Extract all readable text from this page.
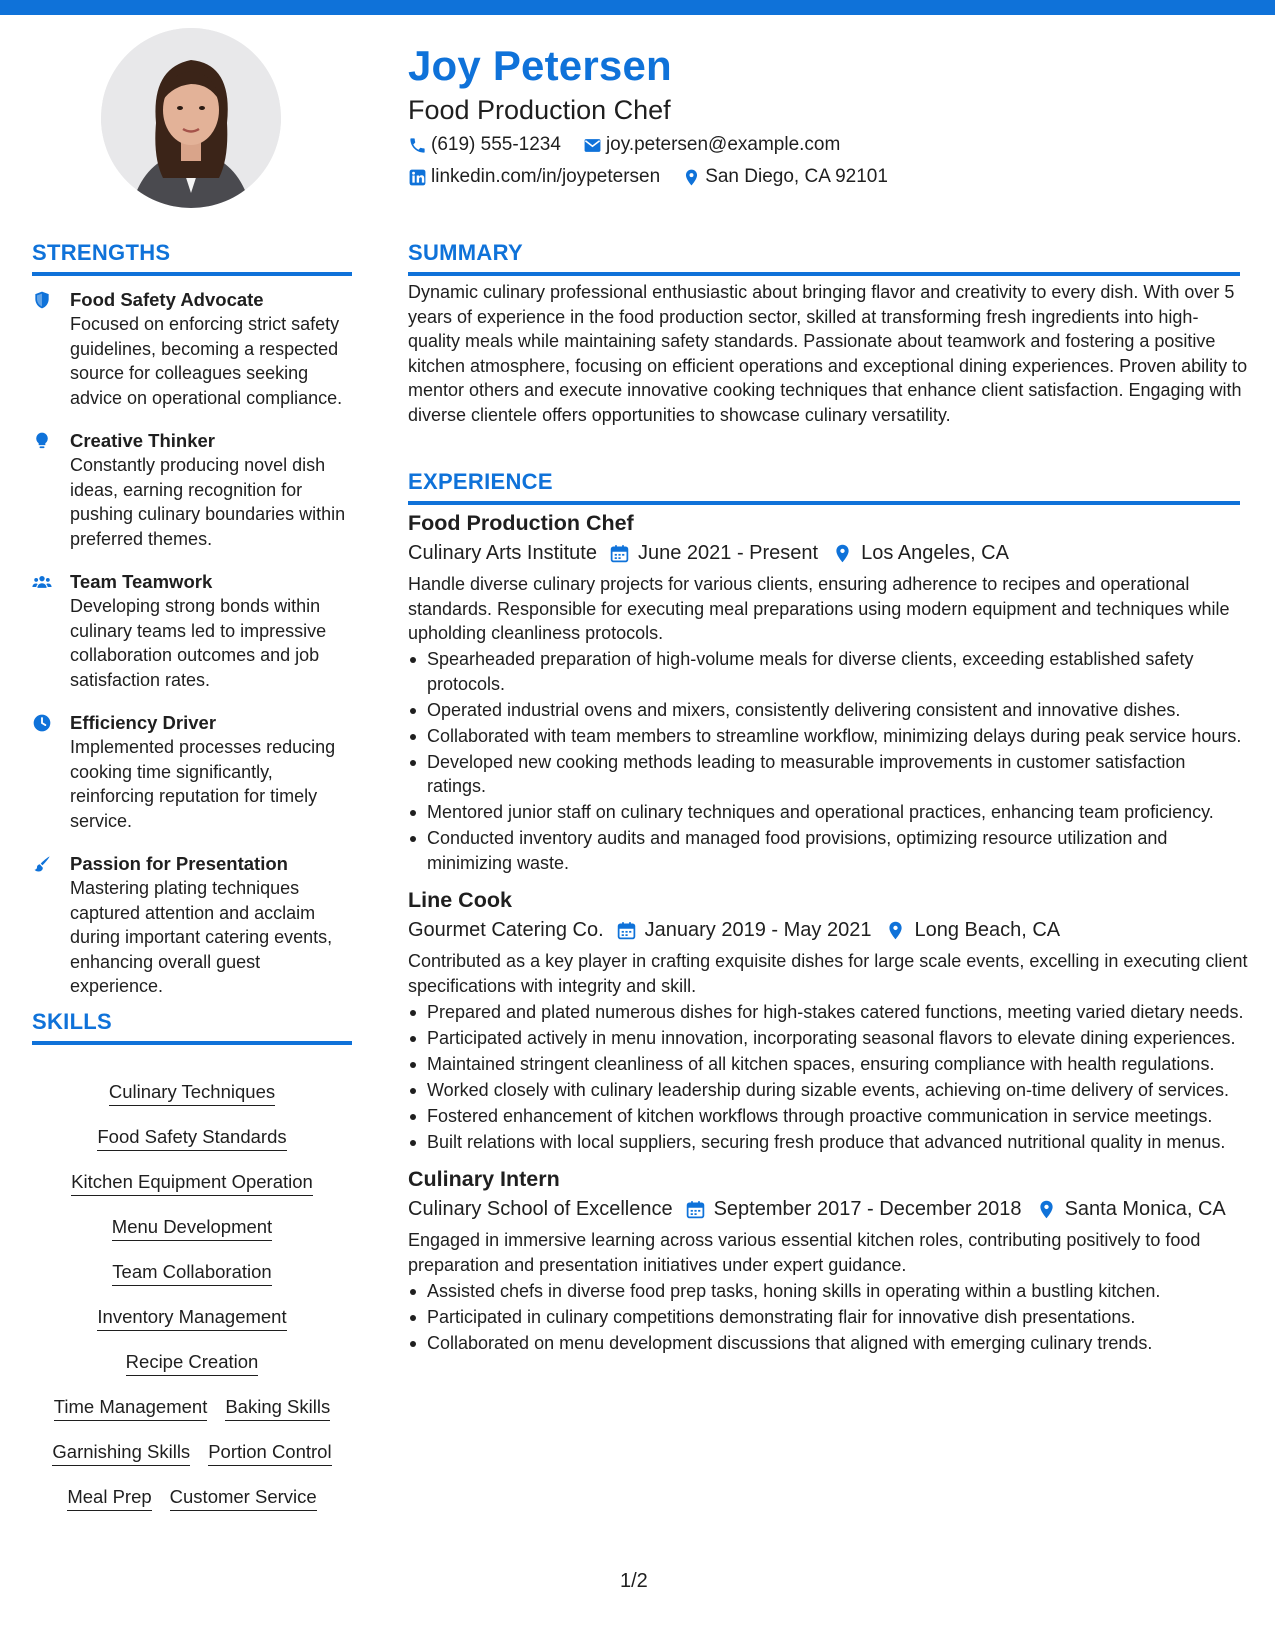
Joy Petersen
Food Production Chef
(619) 555-1234 joy.petersen@example.com
linkedin.com/in/joypetersen San Diego, CA 92101
STRENGTHS
Food Safety Advocate
Focused on enforcing strict safety guidelines, becoming a respected source for colleagues seeking advice on operational compliance.
Creative Thinker
Constantly producing novel dish ideas, earning recognition for pushing culinary boundaries within preferred themes.
Team Teamwork
Developing strong bonds within culinary teams led to impressive collaboration outcomes and job satisfaction rates.
Efficiency Driver
Implemented processes reducing cooking time significantly, reinforcing reputation for timely service.
Passion for Presentation
Mastering plating techniques captured attention and acclaim during important catering events, enhancing overall guest experience.
SKILLS
Culinary Techniques
Food Safety Standards
Kitchen Equipment Operation
Menu Development
Team Collaboration
Inventory Management
Recipe Creation
Time Management Baking Skills
Garnishing Skills Portion Control
Meal Prep Customer Service
SUMMARY
Dynamic culinary professional enthusiastic about bringing flavor and creativity to every dish. With over 5 years of experience in the food production sector, skilled at transforming fresh ingredients into high-quality meals while maintaining safety standards. Passionate about teamwork and fostering a positive kitchen atmosphere, focusing on efficient operations and exceptional dining experiences. Proven ability to mentor others and execute innovative cooking techniques that enhance client satisfaction. Engaging with diverse clientele offers opportunities to showcase culinary versatility.
EXPERIENCE
Food Production Chef
Culinary Arts Institute June 2021 - Present Los Angeles, CA
Handle diverse culinary projects for various clients, ensuring adherence to recipes and operational standards. Responsible for executing meal preparations using modern equipment and techniques while upholding cleanliness protocols.
Spearheaded preparation of high-volume meals for diverse clients, exceeding established safety protocols.
Operated industrial ovens and mixers, consistently delivering consistent and innovative dishes.
Collaborated with team members to streamline workflow, minimizing delays during peak service hours.
Developed new cooking methods leading to measurable improvements in customer satisfaction ratings.
Mentored junior staff on culinary techniques and operational practices, enhancing team proficiency.
Conducted inventory audits and managed food provisions, optimizing resource utilization and minimizing waste.
Line Cook
Gourmet Catering Co. January 2019 - May 2021 Long Beach, CA
Contributed as a key player in crafting exquisite dishes for large scale events, excelling in executing client specifications with integrity and skill.
Prepared and plated numerous dishes for high-stakes catered functions, meeting varied dietary needs.
Participated actively in menu innovation, incorporating seasonal flavors to elevate dining experiences.
Maintained stringent cleanliness of all kitchen spaces, ensuring compliance with health regulations.
Worked closely with culinary leadership during sizable events, achieving on-time delivery of services.
Fostered enhancement of kitchen workflows through proactive communication in service meetings.
Built relations with local suppliers, securing fresh produce that advanced nutritional quality in menus.
Culinary Intern
Culinary School of Excellence September 2017 - December 2018 Santa Monica, CA
Engaged in immersive learning across various essential kitchen roles, contributing positively to food preparation and presentation initiatives under expert guidance.
Assisted chefs in diverse food prep tasks, honing skills in operating within a bustling kitchen.
Participated in culinary competitions demonstrating flair for innovative dish presentations.
Collaborated on menu development discussions that aligned with emerging culinary trends.
1/2
